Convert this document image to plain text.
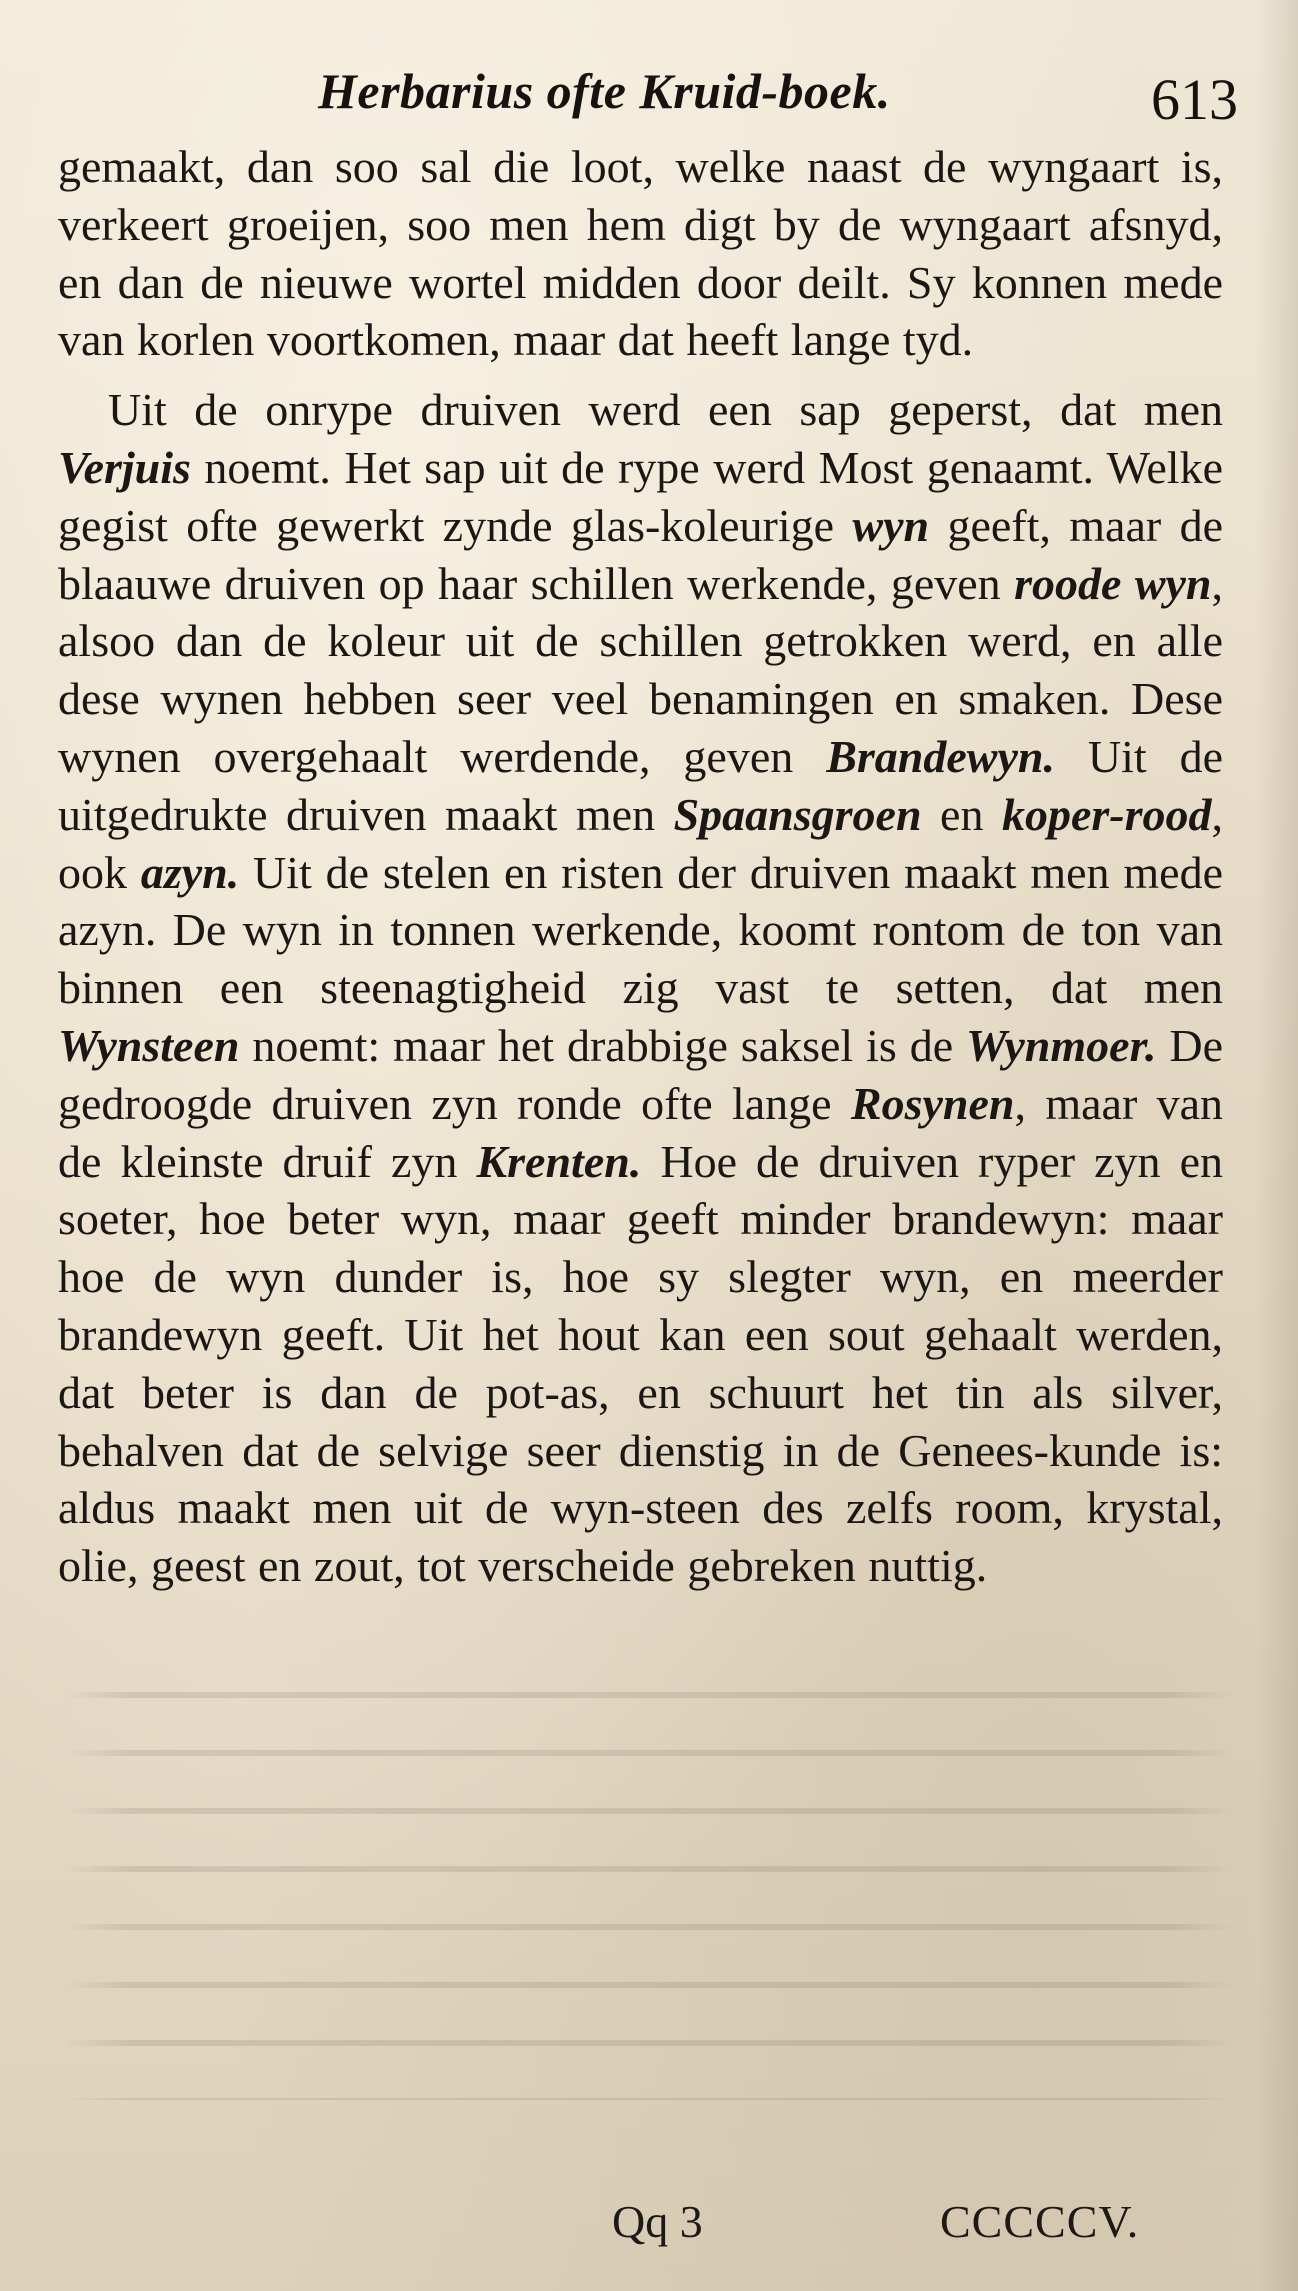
Herbarius ofte Kruid-boek.	613

gemaakt, dan soo sal die loot, welke naast de wyngaart is, verkeert groeijen, soo men hem digt by de wyngaart afsnyd, en dan de nieuwe wortel midden door deilt. Sy konnen mede van korlen voortkomen, maar dat heeft lange tyd.

Uit de onrype druiven werd een sap geperst, dat men Verjuis noemt. Het sap uit de rype werd Most genaamt. Welke gegist ofte gewerkt zynde glas-koleurige wyn geeft, maar de blaauwe druiven op haar schillen werkende, geven roode wyn, alsoo dan de koleur uit de schillen getrokken werd, en alle dese wynen hebben seer veel benamingen en smaken. Dese wynen overgehaalt werdende, geven Brandewyn. Uit de uitgedrukte druiven maakt men Spaansgroen en koper-rood, ook azyn. Uit de stelen en risten der druiven maakt men mede azyn. De wyn in tonnen werkende, koomt rontom de ton van binnen een steenagtigheid zig vast te setten, dat men Wynsteen noemt: maar het drabbige saksel is de Wynmoer. De gedroogde druiven zyn ronde ofte lange Rosynen, maar van de kleinste druif zyn Krenten. Hoe de druiven ryper zyn en soeter, hoe beter wyn, maar geeft minder brandewyn: maar hoe de wyn dunder is, hoe sy slegter wyn, en meerder brandewyn geeft. Uit het hout kan een sout gehaalt werden, dat beter is dan de pot-as, en schuurt het tin als silver, behalven dat de selvige seer dienstig in de Genees-kunde is: aldus maakt men uit de wyn-steen des zelfs room, krystal, olie, geest en zout, tot verscheide gebreken nuttig.

Qq 3	CCCCCV.
